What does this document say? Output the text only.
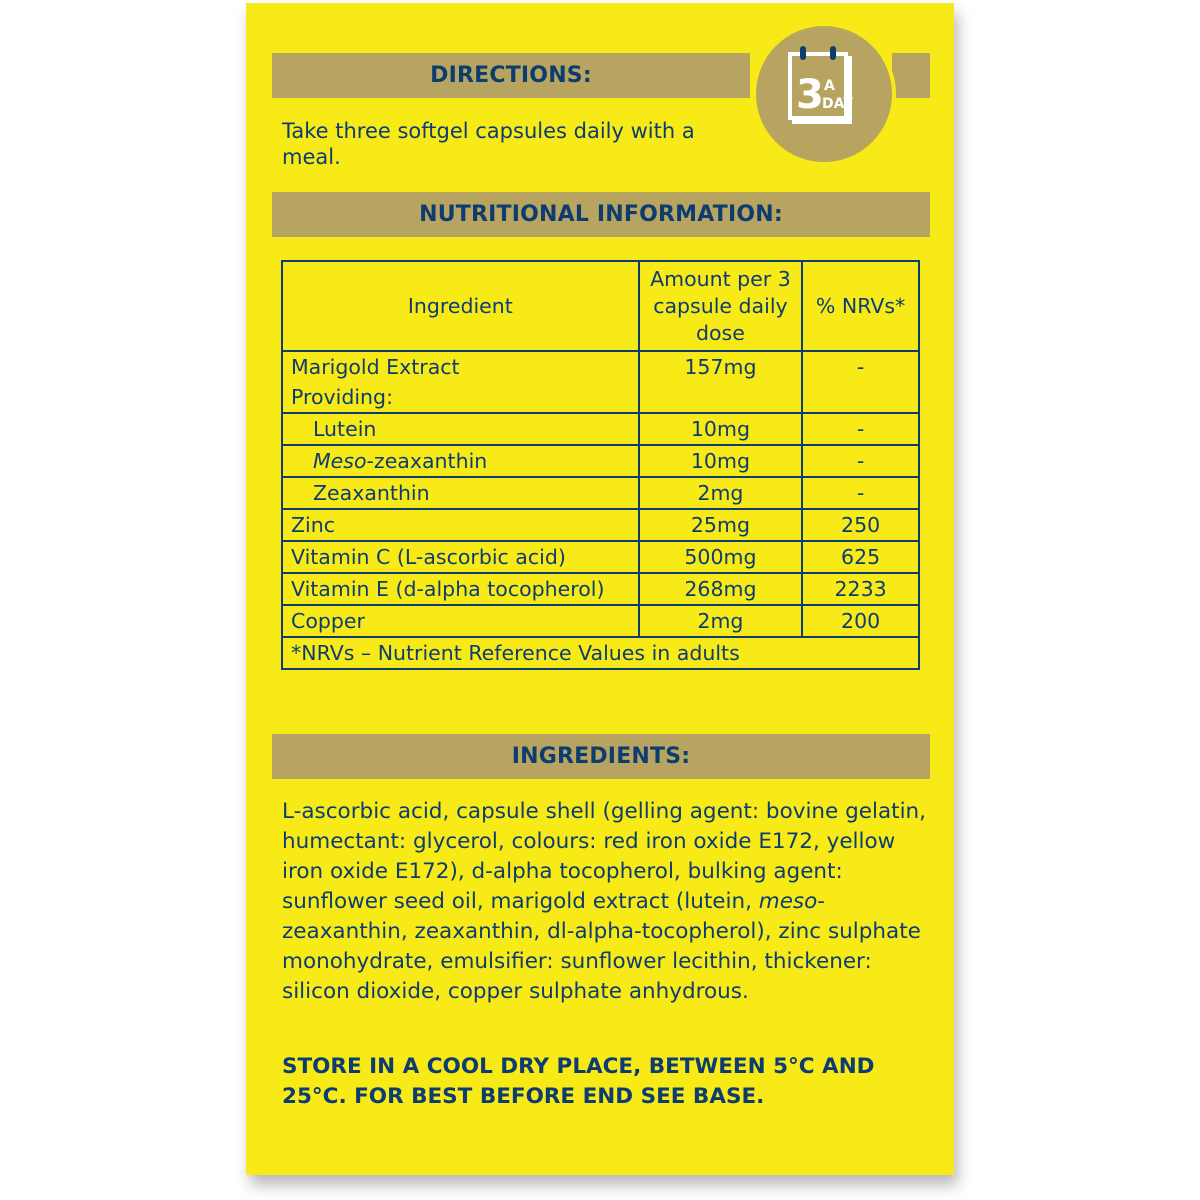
DIRECTIONS:	3 A
DAY
Take three softgel capsules daily with a meal.
NUTRITIONAL INFORMATION:
Ingredient	Amount per 3 capsule daily dose	% NRVs*
Marigold Extract	157mg	-
Providing:		
Lutein	10mg	-
Meso-zeaxanthin	10mg	-
Zeaxanthin	2mg	-
Zinc	25mg	250
Vitamin C (L-ascorbic acid)	500mg	625
Vitamin E (d-alpha tocopherol)	268mg	2233
Copper	2mg	200
*NRVs – Nutrient Reference Values in adults		
INGREDIENTS:
L-ascorbic acid, capsule shell (gelling agent: bovine gelatin, humectant: glycerol, colours: red iron oxide E172, yellow iron oxide E172), d-alpha tocopherol, bulking agent: sunflower seed oil, marigold extract (lutein, meso-zeaxanthin, zeaxanthin, dl-alpha-tocopherol), zinc sulphate monohydrate, emulsifier: sunflower lecithin, thickener: silicon dioxide, copper sulphate anhydrous.
STORE IN A COOL DRY PLACE, BETWEEN 5°C AND 25°C. FOR BEST BEFORE END SEE BASE.
